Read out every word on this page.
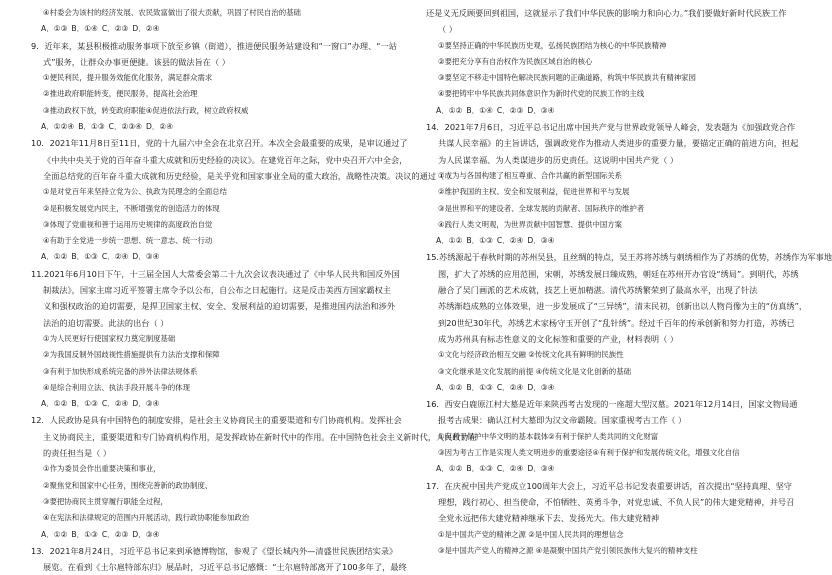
④村委会为该村的经济发展、农民致富做出了很大贡献，巩固了村民自治的基础
A．①③ B．①④ C．②③ D．②④
9．近年来，某县积极推动服务事项下放至乡镇（街道），推进便民服务站建设和“一窗口”办理、“一站
式”服务，让群众办事更便捷。该县的做法旨在（ ）
①便民利民，提升服务效能优化服务，满足群众需求
②推进政府职能转变，便民服务，提高社会治理
③推动政权下放，转变政府职能④促进依法行政，树立政府权威
A．①②④ B．①③ C．②③④ D．②④
10．2021年11月8日至11日，党的十九届六中全会在北京召开。本次全会最重要的成果，是审议通过了
《中共中央关于党的百年奋斗重大成就和历史经验的决议》。在建党百年之际，党中央召开六中全会，
全面总结党的百年奋斗重大成就和历史经验，是关乎党和国家事业全局的重大政治，战略性决策。决议的通过（ ）
①是对党百年来坚持立党为公、执政为民理念的全面总结
②是积极发展党内民主，不断增强党的创造活力的体现
③体现了党重视和善于运用历史规律的高度政治自觉
④有助于全党进一步统一思想、统一意志、统一行动
A．①② B．①③ C．②④ D．③④
11.2021年6月10日下午，十三届全国人大常委会第二十九次会议表决通过了《中华人民共和国反外国
制裁法》，国家主席习近平签署主席令予以公布，自公布之日起施行。这是反击美西方国家霸权主
义和强权政治的迫切需要，是捍卫国家主权、安全、发展利益的迫切需要，是推进国内法治和涉外
法治的迫切需要。此法的出台（ ）
①为人民更好行使国家权力奠定制度基础
②为我国反制外国歧视性措施提供有力法治支撑和保障
③有利于加快形成系统完备的涉外法律法规体系
④是综合利用立法、执法手段开展斗争的体现
A．①② B．①③ C．②④ D．③④
12．人民政协是具有中国特色的制度安排，是社会主义协商民主的重要渠道和专门协商机构。发挥社会
主义协商民主，重要渠道和专门协商机构作用，是发挥政协在新时代中的作用。在中国特色社会主义新时代，人民政协在
的责任担当是（ ）
①作为委员会作出重要决策和事业，
②聚焦党和国家中心任务，围绕完善新的政协制度、
③要把协商民主贯穿履行职能全过程，
④在宪法和法律规定的范围内开展活动，践行政协职能参加政治
A．①② B．①③ C．②③ D．③④
13．2021年8月24日，习近平总书记来到承德博物馆，参观了《望长城内外—清盛世民族团结实录》
展览。在看到《土尔扈特部东归》展品时，习近平总书记感慨：“土尔扈特部离开了100多年了，最终
还是义无反顾要回到祖国，这就显示了我们中华民族的影响力和向心力。”我们要做好新时代民族工作
（ ）
①要坚持正确的中华民族历史观，弘扬民族团结为核心的中华民族精神
②要把充分享有自治权作为民族区域自治的核心
③要坚定不移走中国特色解决民族问题的正确道路，构筑中华民族共有精神家园
④要把铸牢中华民族共同体意识作为新时代党的民族工作的主线
A．①② B．①④ C．②③ D．③④
14．2021年7月6日，习近平总书记出席中国共产党与世界政党领导人峰会，发表题为《加强政党合作
共谋人民幸福》的主旨讲话，强调政党作为推动人类进步的重要力量，要锚定正确的前进方向，担起
为人民谋幸福、为人类谋进步的历史责任。这说明中国共产党（ ）
①成为与各国构建了相互尊重、合作共赢的新型国际关系
②维护我国的主权、安全和发展利益，促进世界和平与发展
③是世界和平的建设者、全球发展的贡献者、国际秩序的维护者
④践行人类文明观，为世界贡献中国智慧、提供中国方案
A．①② B．①③ C．②④ D．③④
15.苏绣源起于春秋时期的苏州吴县，且丝绸的特点，吴王苏将苏绣与刺绣相作为了苏绣的优势，苏绣作为军事地
图，扩大了苏绣的应用范围，宋朝，苏绣发展日臻成熟，朝廷在苏州开办官设“绣局”。到明代，苏绣
融合了吴门画派的艺术成就，技艺上更加精湛。清代苏绣繁荣到了最高水平，出现了针法
苏绣渐趋成熟的立体效果，进一步发展成了“三异绣”，清末民初，创新出以人物肖像为主的“仿真绣”，
到20世纪30年代，苏绣艺术家杨守玉开创了“乱针绣”。经过千百年的传承创新和努力打造，苏绣已
成为苏州具有标志性意义的文化标签和重要的产业，材料表明（ ）
①文化与经济政治相互交融 ②传统文化具有鲜明的民族性
③文化继承是文化发展的前提 ④传统文化是文化创新的基础
A．①② B．①③ C．②④ D．③④
16．西安白鹿原江村大墓是近年来陕西考古发现的一座超大型汉墓。2021年12月14日，国家文物局通
报考古成果：确认江村大墓即为汉文帝霸陵。国家重视考古工作（ ）
①有利于保护中华文明的基本载体②有利于保护人类共同的文化财富
③因为考古工作是实现人类文明进步的重要途径④有利于保护和发展传统文化，增强文化自信
A．①② B．①③ C．②④ D．③④
17．在庆祝中国共产党成立100周年大会上，习近平总书记发表重要讲话，首次提出“坚持真理、坚守
理想，践行初心、担当使命，不怕牺牲、英勇斗争，对党忠诚、不负人民”的伟大建党精神，并号召
全党永远把伟大建党精神继承下去、发扬光大。伟大建党精神
①是中国共产党的精神之源 ②是中国人民共同的理想信念
③是中国共产党人的精神之源 ④是凝聚中国共产党引领民族伟大复兴的精神支柱
